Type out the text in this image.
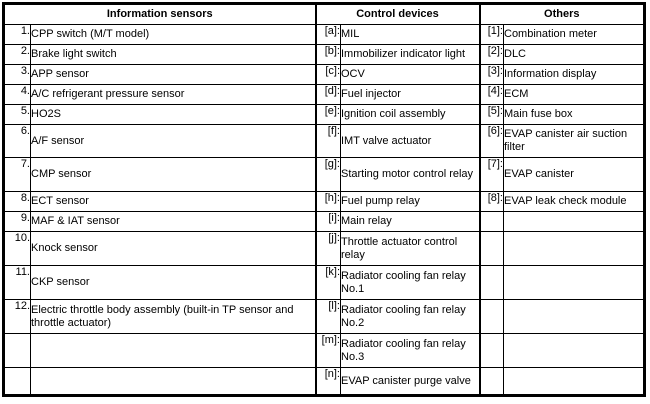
Information sensors		Control devices		Others	
1.	CPP switch (M/T model)	[a]:	MIL	[1]:	Combination meter
2.	Brake light switch	[b]:	Immobilizer indicator light	[2]:	DLC
3.	APP sensor	[c]:	OCV	[3]:	Information display
4.	A/C refrigerant pressure sensor	[d]:	Fuel injector	[4]:	ECM
5.	HO2S	[e]:	Ignition coil assembly	[5]:	Main fuse box
6.	A/F sensor	[f]:	IMT valve actuator	[6]:	EVAP canister air suction filter
7.	CMP sensor	[g]:	Starting motor control relay	[7]:	EVAP canister
8.	ECT sensor	[h]:	Fuel pump relay	[8]:	EVAP leak check module
9.	MAF & IAT sensor	[i]:	Main relay		
10.	Knock sensor	[j]:	Throttle actuator control relay		
11.	CKP sensor	[k]:	Radiator cooling fan relay No.1		
12.	Electric throttle body assembly (built-in TP sensor and throttle actuator)	[l]:	Radiator cooling fan relay No.2		
		[m]:	Radiator cooling fan relay No.3		
		[n]:	EVAP canister purge valve		
